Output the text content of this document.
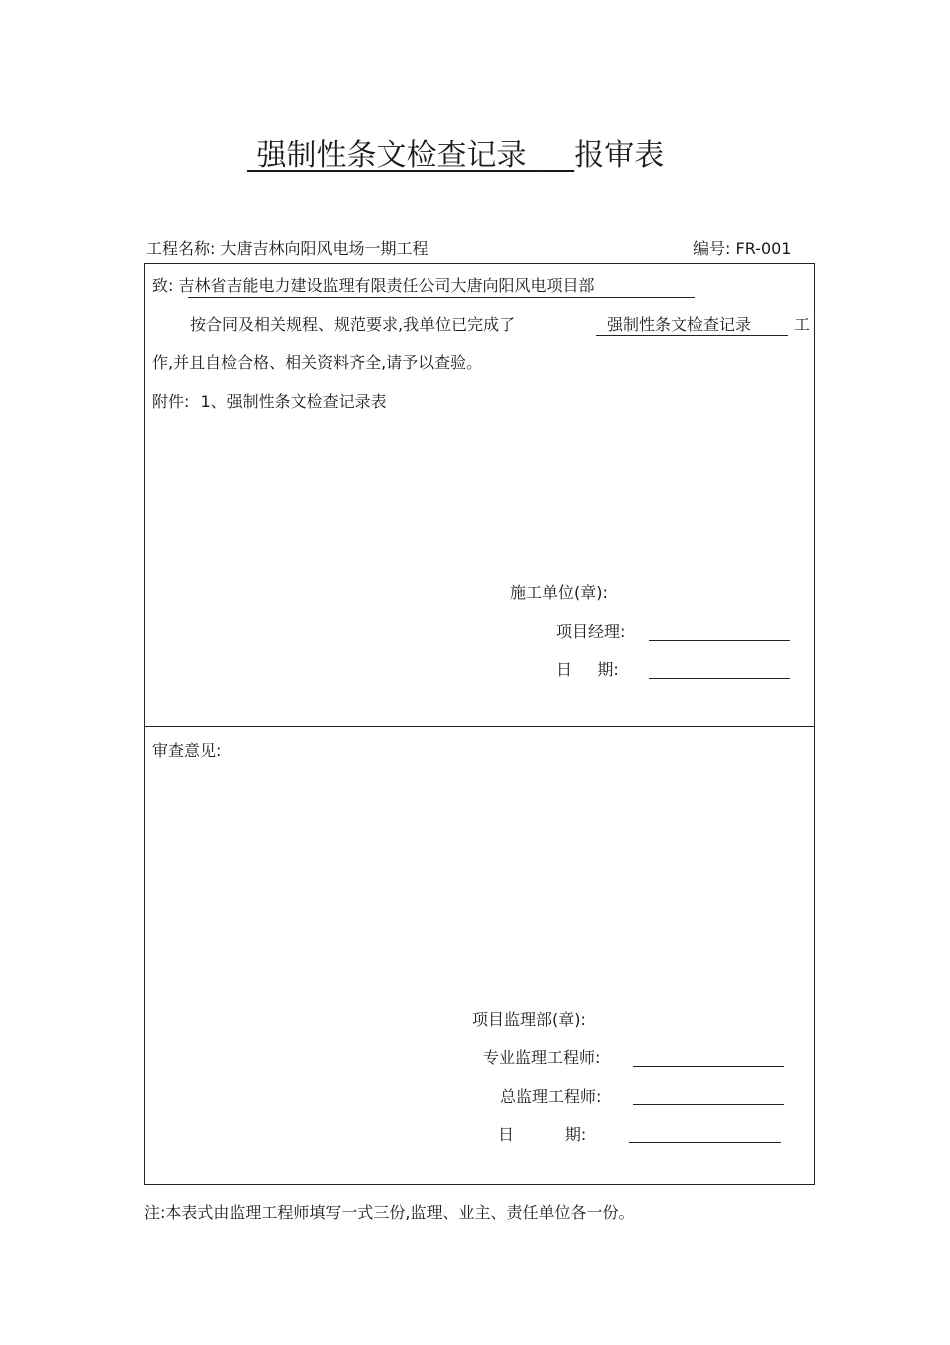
强制性条文检查记录     报审表
工程名称: 大唐吉林向阳风电场一期工程	编号: FR-001
致: 吉林省吉能电力建设监理有限责任公司大唐向阳风电项目部
按合同及相关规程、规范要求,我单位已完成了	强制性条文检查记录	工
作,并且自检合格、相关资料齐全,请予以查验。
附件: 1、强制性条文检查记录表
施工单位(章):
项目经理:
日     期:
审查意见:
项目监理部(章):
专业监理工程师:
总监理工程师:
日          期:
注:本表式由监理工程师填写一式三份,监理、业主、责任单位各一份。
